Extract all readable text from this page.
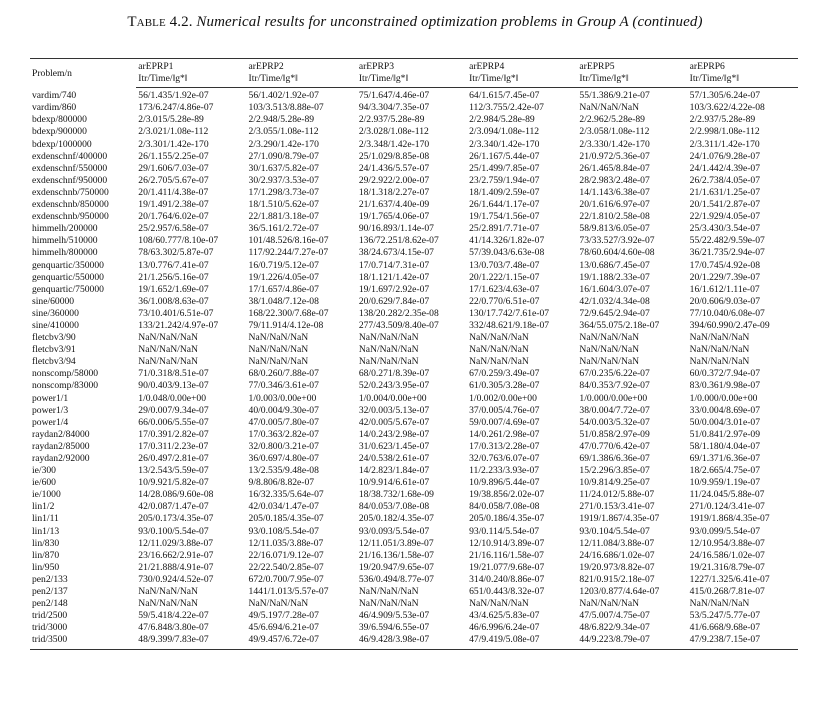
Table 4.2. Numerical results for unconstrained optimization problems in Group A (continued)
Problem/n	arEPRP1	arEPRP2	arEPRP3	arEPRP4	arEPRP5	arEPRP6
	Itr/Time/‖g*‖	Itr/Time/‖g*‖	Itr/Time/‖g*‖	Itr/Time/‖g*‖	Itr/Time/‖g*‖	Itr/Time/‖g*‖
vardim/740	56/1.435/1.92e-07	56/1.402/1.92e-07	75/1.647/4.46e-07	64/1.615/7.45e-07	55/1.386/9.21e-07	57/1.305/6.24e-07
vardim/860	173/6.247/4.86e-07	103/3.513/8.88e-07	94/3.304/7.35e-07	112/3.755/2.42e-07	NaN/NaN/NaN	103/3.622/4.22e-08
bdexp/800000	2/3.015/5.28e-89	2/2.948/5.28e-89	2/2.937/5.28e-89	2/2.984/5.28e-89	2/2.962/5.28e-89	2/2.937/5.28e-89
bdexp/900000	2/3.021/1.08e-112	2/3.055/1.08e-112	2/3.028/1.08e-112	2/3.094/1.08e-112	2/3.058/1.08e-112	2/2.998/1.08e-112
bdexp/1000000	2/3.301/1.42e-170	2/3.290/1.42e-170	2/3.348/1.42e-170	2/3.340/1.42e-170	2/3.330/1.42e-170	2/3.311/1.42e-170
exdenschnf/400000	26/1.155/2.25e-07	27/1.090/8.79e-07	25/1.029/8.85e-08	26/1.167/5.44e-07	21/0.972/5.36e-07	24/1.076/9.28e-07
exdenschnf/550000	29/1.606/7.03e-07	30/1.637/5.82e-07	24/1.436/5.57e-07	25/1.499/7.85e-07	26/1.465/8.84e-07	24/1.442/4.39e-07
exdenschnf/950000	26/2.705/5.67e-07	30/2.937/3.53e-07	29/2.922/2.00e-07	23/2.759/1.94e-07	28/2.983/2.48e-07	26/2.738/4.05e-07
exdenschnb/750000	20/1.411/4.38e-07	17/1.298/3.73e-07	18/1.318/2.27e-07	18/1.409/2.59e-07	14/1.143/6.38e-07	21/1.631/1.25e-07
exdenschnb/850000	19/1.491/2.38e-07	18/1.510/5.62e-07	21/1.637/4.40e-09	26/1.644/1.17e-07	20/1.616/6.97e-07	20/1.541/2.87e-07
exdenschnb/950000	20/1.764/6.02e-07	22/1.881/3.18e-07	19/1.765/4.06e-07	19/1.754/1.56e-07	22/1.810/2.58e-08	22/1.929/4.05e-07
himmelh/200000	25/2.957/6.58e-07	36/5.161/2.72e-07	90/16.893/1.14e-07	25/2.891/7.71e-07	58/9.813/6.05e-07	25/3.430/3.54e-07
himmelh/510000	108/60.777/8.10e-07	101/48.526/8.16e-07	136/72.251/8.62e-07	41/14.326/1.82e-07	73/33.527/3.92e-07	55/22.482/9.59e-07
himmelh/800000	78/63.302/5.87e-07	117/92.244/7.27e-07	38/24.673/4.15e-07	57/39.043/6.63e-08	78/60.604/4.60e-08	36/21.735/2.94e-07
genquartic/350000	13/0.776/7.41e-07	16/0.719/5.12e-07	17/0.714/7.31e-07	13/0.703/7.48e-07	13/0.686/7.45e-07	17/0.745/4.92e-08
genquartic/550000	21/1.256/5.16e-07	19/1.226/4.05e-07	18/1.121/1.42e-07	20/1.222/1.15e-07	19/1.188/2.33e-07	20/1.229/7.39e-07
genquartic/750000	19/1.652/1.69e-07	17/1.657/4.86e-07	19/1.697/2.92e-07	17/1.623/4.63e-07	16/1.604/3.07e-07	16/1.612/1.11e-07
sine/60000	36/1.008/8.63e-07	38/1.048/7.12e-08	20/0.629/7.84e-07	22/0.770/6.51e-07	42/1.032/4.34e-08	20/0.606/9.03e-07
sine/360000	73/10.401/6.51e-07	168/22.300/7.68e-07	138/20.282/2.35e-08	130/17.742/7.61e-07	72/9.645/2.94e-07	77/10.040/6.08e-07
sine/410000	133/21.242/4.97e-07	79/11.914/4.12e-08	277/43.509/8.40e-07	332/48.621/9.18e-07	364/55.075/2.18e-07	394/60.990/2.47e-09
fletcbv3/90	NaN/NaN/NaN	NaN/NaN/NaN	NaN/NaN/NaN	NaN/NaN/NaN	NaN/NaN/NaN	NaN/NaN/NaN
fletcbv3/91	NaN/NaN/NaN	NaN/NaN/NaN	NaN/NaN/NaN	NaN/NaN/NaN	NaN/NaN/NaN	NaN/NaN/NaN
fletcbv3/94	NaN/NaN/NaN	NaN/NaN/NaN	NaN/NaN/NaN	NaN/NaN/NaN	NaN/NaN/NaN	NaN/NaN/NaN
nonscomp/58000	71/0.318/8.51e-07	68/0.260/7.88e-07	68/0.271/8.39e-07	67/0.259/3.49e-07	67/0.235/6.22e-07	60/0.372/7.94e-07
nonscomp/83000	90/0.403/9.13e-07	77/0.346/3.61e-07	52/0.243/3.95e-07	61/0.305/3.28e-07	84/0.353/7.92e-07	83/0.361/9.98e-07
power1/1	1/0.048/0.00e+00	1/0.003/0.00e+00	1/0.004/0.00e+00	1/0.002/0.00e+00	1/0.000/0.00e+00	1/0.000/0.00e+00
power1/3	29/0.007/9.34e-07	40/0.004/9.30e-07	32/0.003/5.13e-07	37/0.005/4.76e-07	38/0.004/7.72e-07	33/0.004/8.69e-07
power1/4	66/0.006/5.55e-07	47/0.005/7.80e-07	42/0.005/5.67e-07	59/0.007/4.69e-07	54/0.003/5.32e-07	50/0.004/3.01e-07
raydan2/84000	17/0.391/2.82e-07	17/0.363/2.82e-07	14/0.243/2.98e-07	14/0.261/2.98e-07	51/0.858/2.97e-09	51/0.841/2.97e-09
raydan2/85000	17/0.311/2.23e-07	32/0.800/3.21e-07	31/0.623/1.45e-07	17/0.313/2.28e-07	47/0.770/6.42e-07	58/1.180/4.04e-07
raydan2/92000	26/0.497/2.81e-07	36/0.697/4.80e-07	24/0.538/2.61e-07	32/0.763/6.07e-07	69/1.386/6.36e-07	69/1.371/6.36e-07
ie/300	13/2.543/5.59e-07	13/2.535/9.48e-08	14/2.823/1.84e-07	11/2.233/3.93e-07	15/2.296/3.85e-07	18/2.665/4.75e-07
ie/600	10/9.921/5.82e-07	9/8.806/8.82e-07	10/9.914/6.61e-07	10/9.896/5.44e-07	10/9.814/9.25e-07	10/9.959/1.19e-07
ie/1000	14/28.086/9.60e-08	16/32.335/5.64e-07	18/38.732/1.68e-09	19/38.856/2.02e-07	11/24.012/5.88e-07	11/24.045/5.88e-07
lin1/2	42/0.087/1.47e-07	42/0.034/1.47e-07	84/0.053/7.08e-08	84/0.058/7.08e-08	271/0.153/3.41e-07	271/0.124/3.41e-07
lin1/11	205/0.173/4.35e-07	205/0.185/4.35e-07	205/0.182/4.35e-07	205/0.186/4.35e-07	1919/1.867/4.35e-07	1919/1.868/4.35e-07
lin1/13	93/0.100/5.54e-07	93/0.108/5.54e-07	93/0.093/5.54e-07	93/0.114/5.54e-07	93/0.104/5.54e-07	93/0.099/5.54e-07
lin/830	12/11.029/3.88e-07	12/11.035/3.88e-07	12/11.051/3.89e-07	12/10.914/3.89e-07	12/11.084/3.88e-07	12/10.954/3.88e-07
lin/870	23/16.662/2.91e-07	22/16.071/9.12e-07	21/16.136/1.58e-07	21/16.116/1.58e-07	24/16.686/1.02e-07	24/16.586/1.02e-07
lin/950	21/21.888/4.91e-07	22/22.540/2.85e-07	19/20.947/9.65e-07	19/21.077/9.68e-07	19/20.973/8.82e-07	19/21.316/8.79e-07
pen2/133	730/0.924/4.52e-07	672/0.700/7.95e-07	536/0.494/8.77e-07	314/0.240/8.86e-07	821/0.915/2.18e-07	1227/1.325/6.41e-07
pen2/137	NaN/NaN/NaN	1441/1.013/5.57e-07	NaN/NaN/NaN	651/0.443/8.32e-07	1203/0.877/4.64e-07	415/0.268/7.81e-07
pen2/148	NaN/NaN/NaN	NaN/NaN/NaN	NaN/NaN/NaN	NaN/NaN/NaN	NaN/NaN/NaN	NaN/NaN/NaN
trid/2500	59/5.418/4.22e-07	49/5.197/7.28e-07	46/4.909/5.53e-07	43/4.625/5.83e-07	47/5.007/4.75e-07	53/5.247/5.77e-07
trid/3000	47/6.848/3.80e-07	45/6.694/6.21e-07	39/6.594/6.55e-07	46/6.996/6.24e-07	48/6.822/9.34e-07	41/6.668/9.68e-07
trid/3500	48/9.399/7.83e-07	49/9.457/6.72e-07	46/9.428/3.98e-07	47/9.419/5.08e-07	44/9.223/8.79e-07	47/9.238/7.15e-07
